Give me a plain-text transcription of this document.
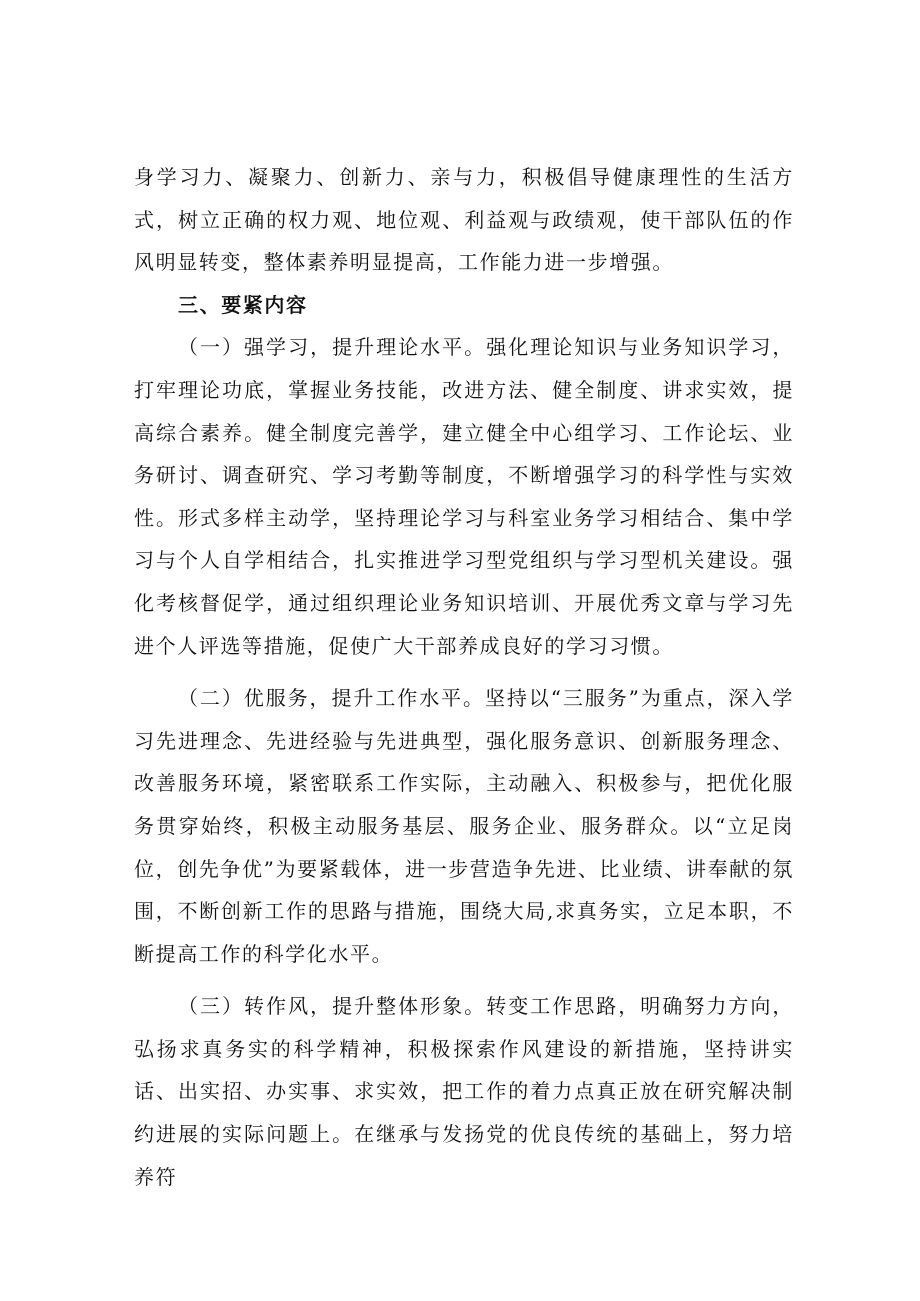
身学习力、凝聚力、创新力、亲与力，积极倡导健康理性的生活方式，树立正确的权力观、地位观、利益观与政绩观，使干部队伍的作风明显转变，整体素养明显提高，工作能力进一步增强。

三、要紧内容

（一）强学习，提升理论水平。强化理论知识与业务知识学习，打牢理论功底，掌握业务技能，改进方法、健全制度、讲求实效，提高综合素养。健全制度完善学，建立健全中心组学习、工作论坛、业务研讨、调查研究、学习考勤等制度，不断增强学习的科学性与实效性。形式多样主动学，坚持理论学习与科室业务学习相结合、集中学习与个人自学相结合，扎实推进学习型党组织与学习型机关建设。强化考核督促学，通过组织理论业务知识培训、开展优秀文章与学习先进个人评选等措施，促使广大干部养成良好的学习习惯。

（二）优服务，提升工作水平。坚持以“三服务”为重点，深入学习先进理念、先进经验与先进典型，强化服务意识、创新服务理念、改善服务环境，紧密联系工作实际，主动融入、积极参与，把优化服务贯穿始终，积极主动服务基层、服务企业、服务群众。以“立足岗位，创先争优”为要紧载体，进一步营造争先进、比业绩、讲奉献的氛围，不断创新工作的思路与措施，围绕大局,求真务实，立足本职，不断提高工作的科学化水平。

（三）转作风，提升整体形象。转变工作思路，明确努力方向，弘扬求真务实的科学精神，积极探索作风建设的新措施，坚持讲实话、出实招、办实事、求实效，把工作的着力点真正放在研究解决制约进展的实际问题上。在继承与发扬党的优良传统的基础上，努力培养符
